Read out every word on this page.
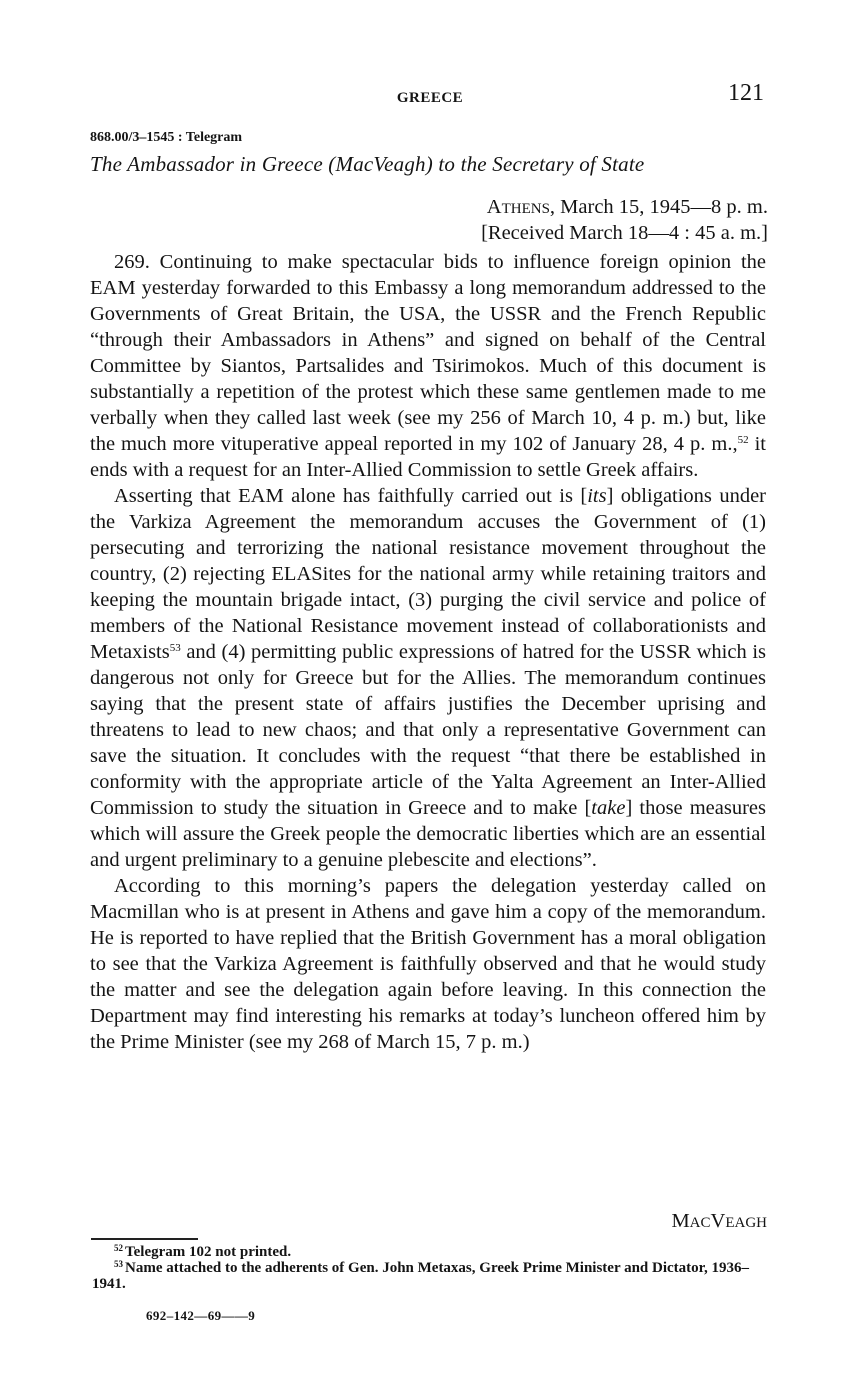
GREECE	121
868.00/3–1545 : Telegram
The Ambassador in Greece (MacVeagh) to the Secretary of State
ATHENS, March 15, 1945—8 p. m.
[Received March 18—4 : 45 a. m.]

269. Continuing to make spectacular bids to influence foreign opinion the EAM yesterday forwarded to this Embassy a long memorandum addressed to the Governments of Great Britain, the USA, the USSR and the French Republic “through their Ambassadors in Athens” and signed on behalf of the Central Committee by Siantos, Partsalides and Tsirimokos. Much of this document is substantially a repetition of the protest which these same gentlemen made to me verbally when they called last week (see my 256 of March 10, 4 p. m.) but, like the much more vituperative appeal reported in my 102 of January 28, 4 p. m.,$^{52}$ it ends with a request for an Inter-Allied Commission to settle Greek affairs.

Asserting that EAM alone has faithfully carried out is [its] obligations under the Varkiza Agreement the memorandum accuses the Government of (1) persecuting and terrorizing the national resistance movement throughout the country, (2) rejecting ELASites for the national army while retaining traitors and keeping the mountain brigade intact, (3) purging the civil service and police of members of the National Resistance movement instead of collaborationists and Metaxists$^{53}$ and (4) permitting public expressions of hatred for the USSR which is dangerous not only for Greece but for the Allies. The memorandum continues saying that the present state of affairs justifies the December uprising and threatens to lead to new chaos; and that only a representative Government can save the situation. It concludes with the request “that there be established in conformity with the appropriate article of the Yalta Agreement an Inter-Allied Commission to study the situation in Greece and to make [take] those measures which will assure the Greek people the democratic liberties which are an essential and urgent preliminary to a genuine plebescite and elections”.

According to this morning’s papers the delegation yesterday called on Macmillan who is at present in Athens and gave him a copy of the memorandum. He is reported to have replied that the British Government has a moral obligation to see that the Varkiza Agreement is faithfully observed and that he would study the matter and see the delegation again before leaving. In this connection the Department may find interesting his remarks at today’s luncheon offered him by the Prime Minister (see my 268 of March 15, 7 p. m.)

MACVEAGH

$^{52}$ Telegram 102 not printed.

$^{53}$ Name attached to the adherents of Gen. John Metaxas, Greek Prime Minister and Dictator, 1936–1941.

692–142—69——9
